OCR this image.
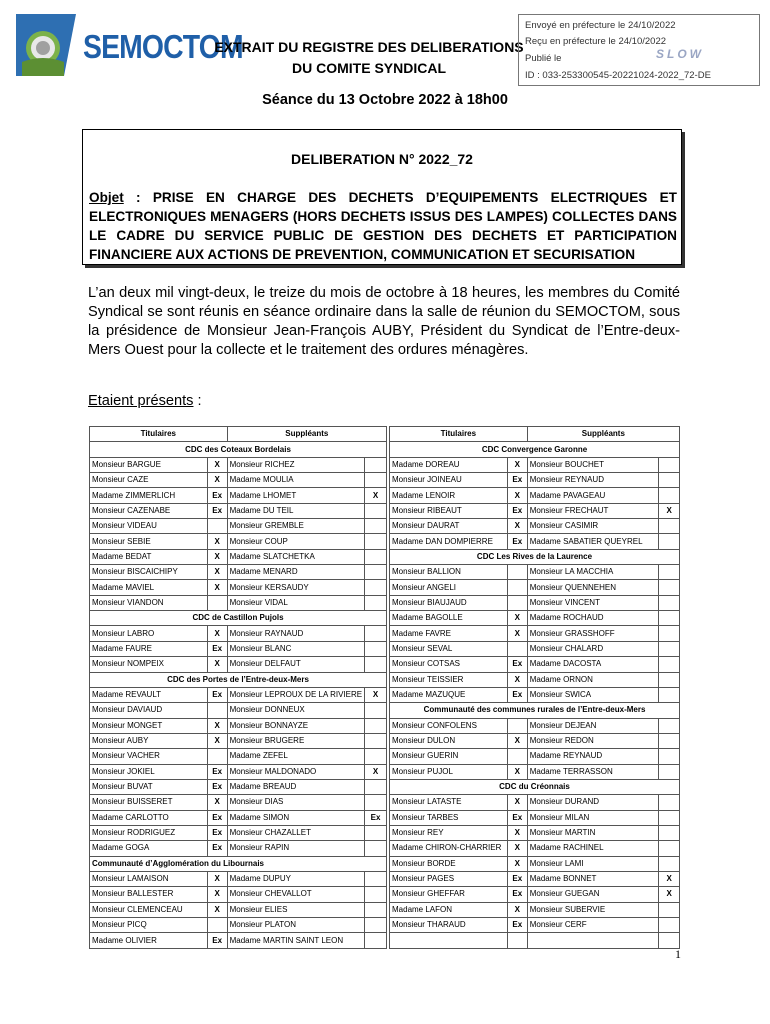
SEMOCTOM
EXTRAIT DU REGISTRE DES DELIBERATIONS
DU COMITE SYNDICAL
Envoyé en préfecture le 24/10/2022
Reçu en préfecture le 24/10/2022
Publié le
ID : 033-253300545-20221024-2022_72-DE
SLOW
Séance du 13 Octobre 2022 à 18h00
DELIBERATION N° 2022_72
Objet : PRISE EN CHARGE DES DECHETS D’EQUIPEMENTS ELECTRIQUES ET ELECTRONIQUES MENAGERS (HORS DECHETS ISSUS DES LAMPES) COLLECTES DANS LE CADRE DU SERVICE PUBLIC DE GESTION DES DECHETS ET PARTICIPATION FINANCIERE AUX ACTIONS DE PREVENTION, COMMUNICATION ET SECURISATION
L’an deux mil vingt-deux, le treize du mois de octobre à 18 heures, les membres du Comité Syndical se sont réunis en séance ordinaire dans la salle de réunion du SEMOCTOM, sous la présidence de Monsieur Jean-François AUBY, Président du Syndicat de l’Entre-deux-Mers Ouest pour la collecte et le traitement des ordures ménagères.
Etaient présents :
Titulaires		Suppléants	
CDC des Coteaux Bordelais			
Monsieur BARGUE	X	Monsieur RICHEZ	
Monsieur CAZE	X	Madame MOULIA	
Madame ZIMMERLICH	Ex	Madame LHOMET	X
Monsieur CAZENABE	Ex	Madame DU TEIL	
Monsieur VIDEAU		Monsieur GREMBLE	
Monsieur SEBIE	X	Monsieur COUP	
Madame BEDAT	X	Madame SLATCHETKA	
Monsieur BISCAICHIPY	X	Madame MENARD	
Madame MAVIEL	X	Monsieur KERSAUDY	
Monsieur VIANDON		Monsieur VIDAL	
CDC de Castillon Pujols			
Monsieur LABRO	X	Monsieur RAYNAUD	
Madame FAURE	Ex	Monsieur BLANC	
Monsieur NOMPEIX	X	Monsieur DELFAUT	
CDC des Portes de l’Entre-deux-Mers			
Madame REVAULT	Ex	Monsieur LEPROUX DE LA RIVIERE	X
Monsieur DAVIAUD		Monsieur DONNEUX	
Monsieur MONGET	X	Monsieur BONNAYZE	
Monsieur AUBY	X	Monsieur BRUGERE	
Monsieur VACHER		Madame ZEFEL	
Monsieur JOKIEL	Ex	Monsieur MALDONADO	X
Monsieur BUVAT	Ex	Madame BREAUD	
Monsieur BUISSERET	X	Monsieur DIAS	
Madame CARLOTTO	Ex	Madame SIMON	Ex
Monsieur RODRIGUEZ	Ex	Monsieur CHAZALLET	
Madame GOGA	Ex	Monsieur RAPIN	
Communauté d’Agglomération du Libournais			
Monsieur LAMAISON	X	Madame DUPUY	
Monsieur BALLESTER	X	Monsieur CHEVALLOT	
Monsieur CLEMENCEAU	X	Monsieur ELIES	
Monsieur PICQ		Monsieur PLATON	
Madame OLIVIER	Ex	Madame MARTIN SAINT LEON	
Titulaires		Suppléants	
CDC Convergence Garonne			
Madame DOREAU	X	Monsieur BOUCHET	
Monsieur JOINEAU	Ex	Monsieur REYNAUD	
Madame LENOIR	X	Madame PAVAGEAU	
Monsieur RIBEAUT	Ex	Monsieur FRECHAUT	X
Monsieur DAURAT	X	Monsieur CASIMIR	
Madame DAN DOMPIERRE	Ex	Madame SABATIER QUEYREL	
CDC Les Rives de la Laurence			
Monsieur BALLION		Monsieur LA MACCHIA	
Monsieur ANGELI		Monsieur QUENNEHEN	
Monsieur BIAUJAUD		Monsieur VINCENT	
Madame BAGOLLE	X	Madame ROCHAUD	
Madame FAVRE	X	Monsieur GRASSHOFF	
Monsieur SEVAL		Monsieur CHALARD	
Monsieur COTSAS	Ex	Madame DACOSTA	
Monsieur TEISSIER	X	Madame ORNON	
Madame MAZUQUE	Ex	Monsieur SWICA	
Communauté des communes rurales de l’Entre-deux-Mers			
Monsieur CONFOLENS		Monsieur DEJEAN	
Monsieur DULON	X	Monsieur REDON	
Monsieur GUERIN		Madame REYNAUD	
Monsieur PUJOL	X	Madame TERRASSON	
CDC du Créonnais			
Monsieur LATASTE	X	Monsieur DURAND	
Monsieur TARBES	Ex	Monsieur MILAN	
Monsieur REY	X	Monsieur MARTIN	
Madame CHIRON-CHARRIER	X	Madame RACHINEL	
Monsieur BORDE	X	Monsieur LAMI	
Monsieur PAGES	Ex	Madame BONNET	X
Monsieur GHEFFAR	Ex	Monsieur GUEGAN	X
Madame LAFON	X	Monsieur SUBERVIE	
Monsieur THARAUD	Ex	Monsieur CERF	

1
